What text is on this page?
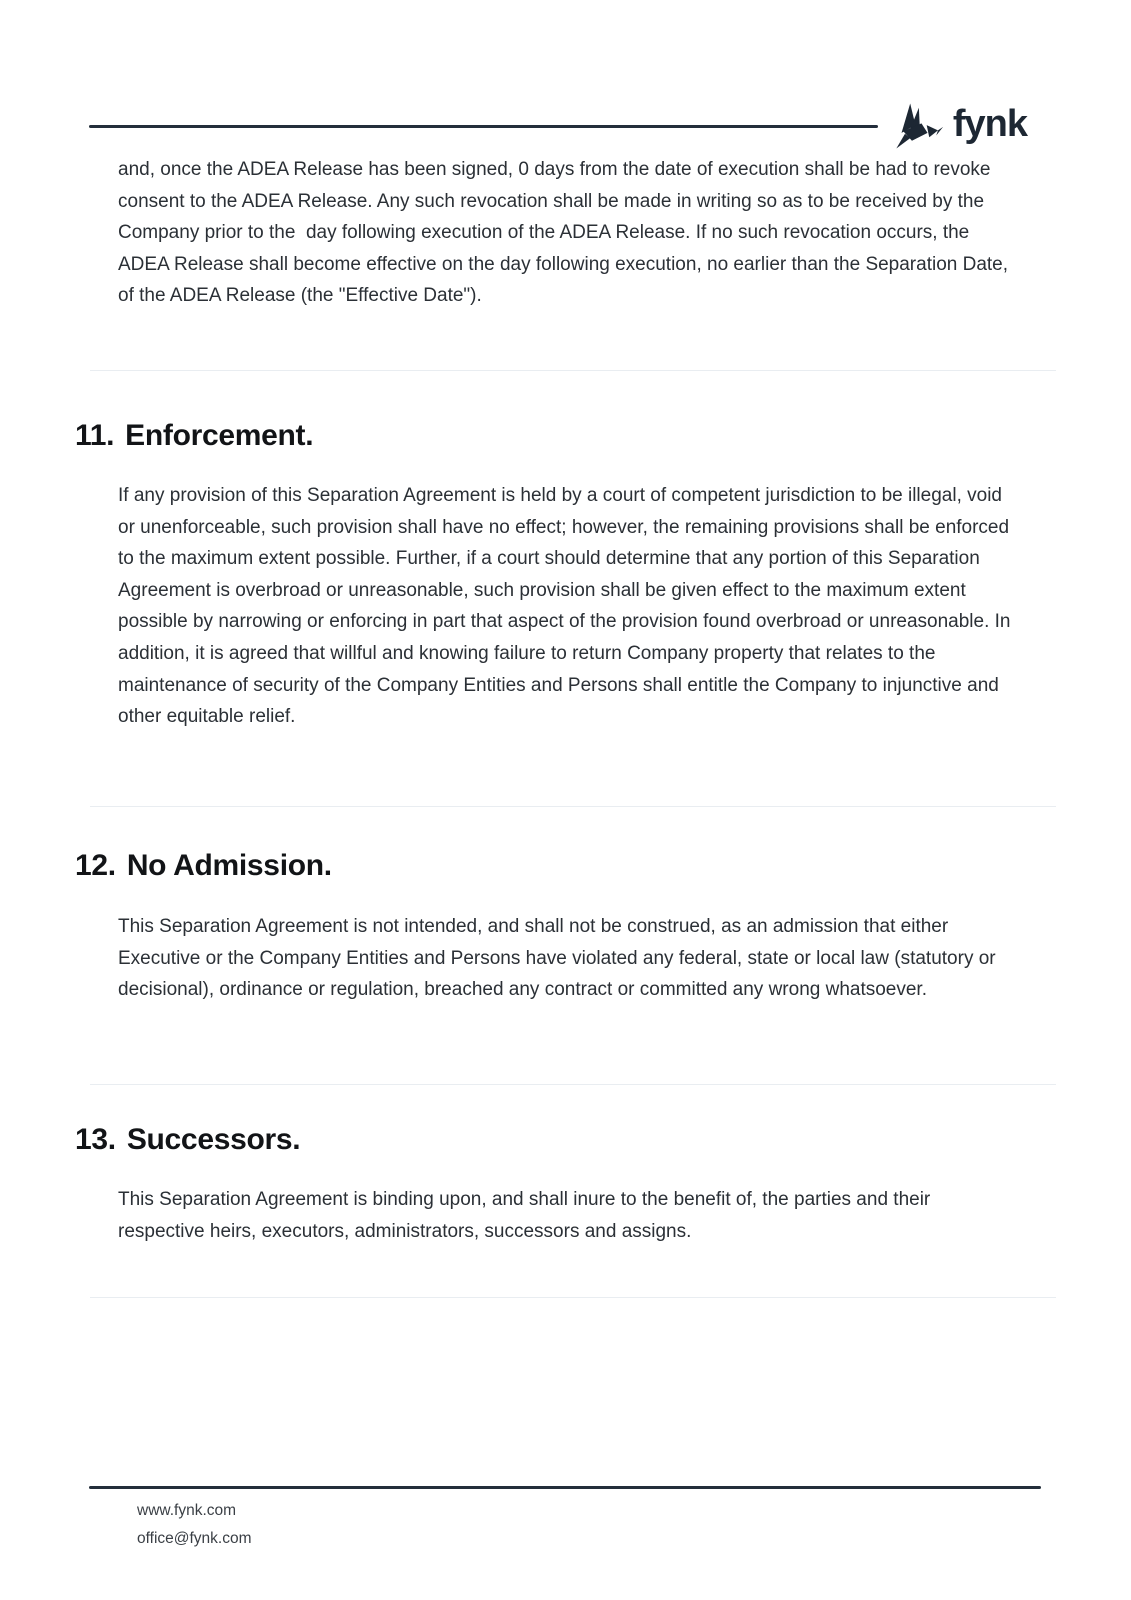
fynk

and, once the ADEA Release has been signed, 0 days from the date of execution shall be had to revoke consent to the ADEA Release. Any such revocation shall be made in writing so as to be received by the Company prior to the  day following execution of the ADEA Release. If no such revocation occurs, the ADEA Release shall become effective on the day following execution, no earlier than the Separation Date, of the ADEA Release (the "Effective Date").

11. Enforcement.

If any provision of this Separation Agreement is held by a court of competent jurisdiction to be illegal, void or unenforceable, such provision shall have no effect; however, the remaining provisions shall be enforced to the maximum extent possible. Further, if a court should determine that any portion of this Separation Agreement is overbroad or unreasonable, such provision shall be given effect to the maximum extent possible by narrowing or enforcing in part that aspect of the provision found overbroad or unreasonable. In addition, it is agreed that willful and knowing failure to return Company property that relates to the maintenance of security of the Company Entities and Persons shall entitle the Company to injunctive and other equitable relief.

12. No Admission.

This Separation Agreement is not intended, and shall not be construed, as an admission that either Executive or the Company Entities and Persons have violated any federal, state or local law (statutory or decisional), ordinance or regulation, breached any contract or committed any wrong whatsoever.

13. Successors.

This Separation Agreement is binding upon, and shall inure to the benefit of, the parties and their respective heirs, executors, administrators, successors and assigns.

www.fynk.com
office@fynk.com
